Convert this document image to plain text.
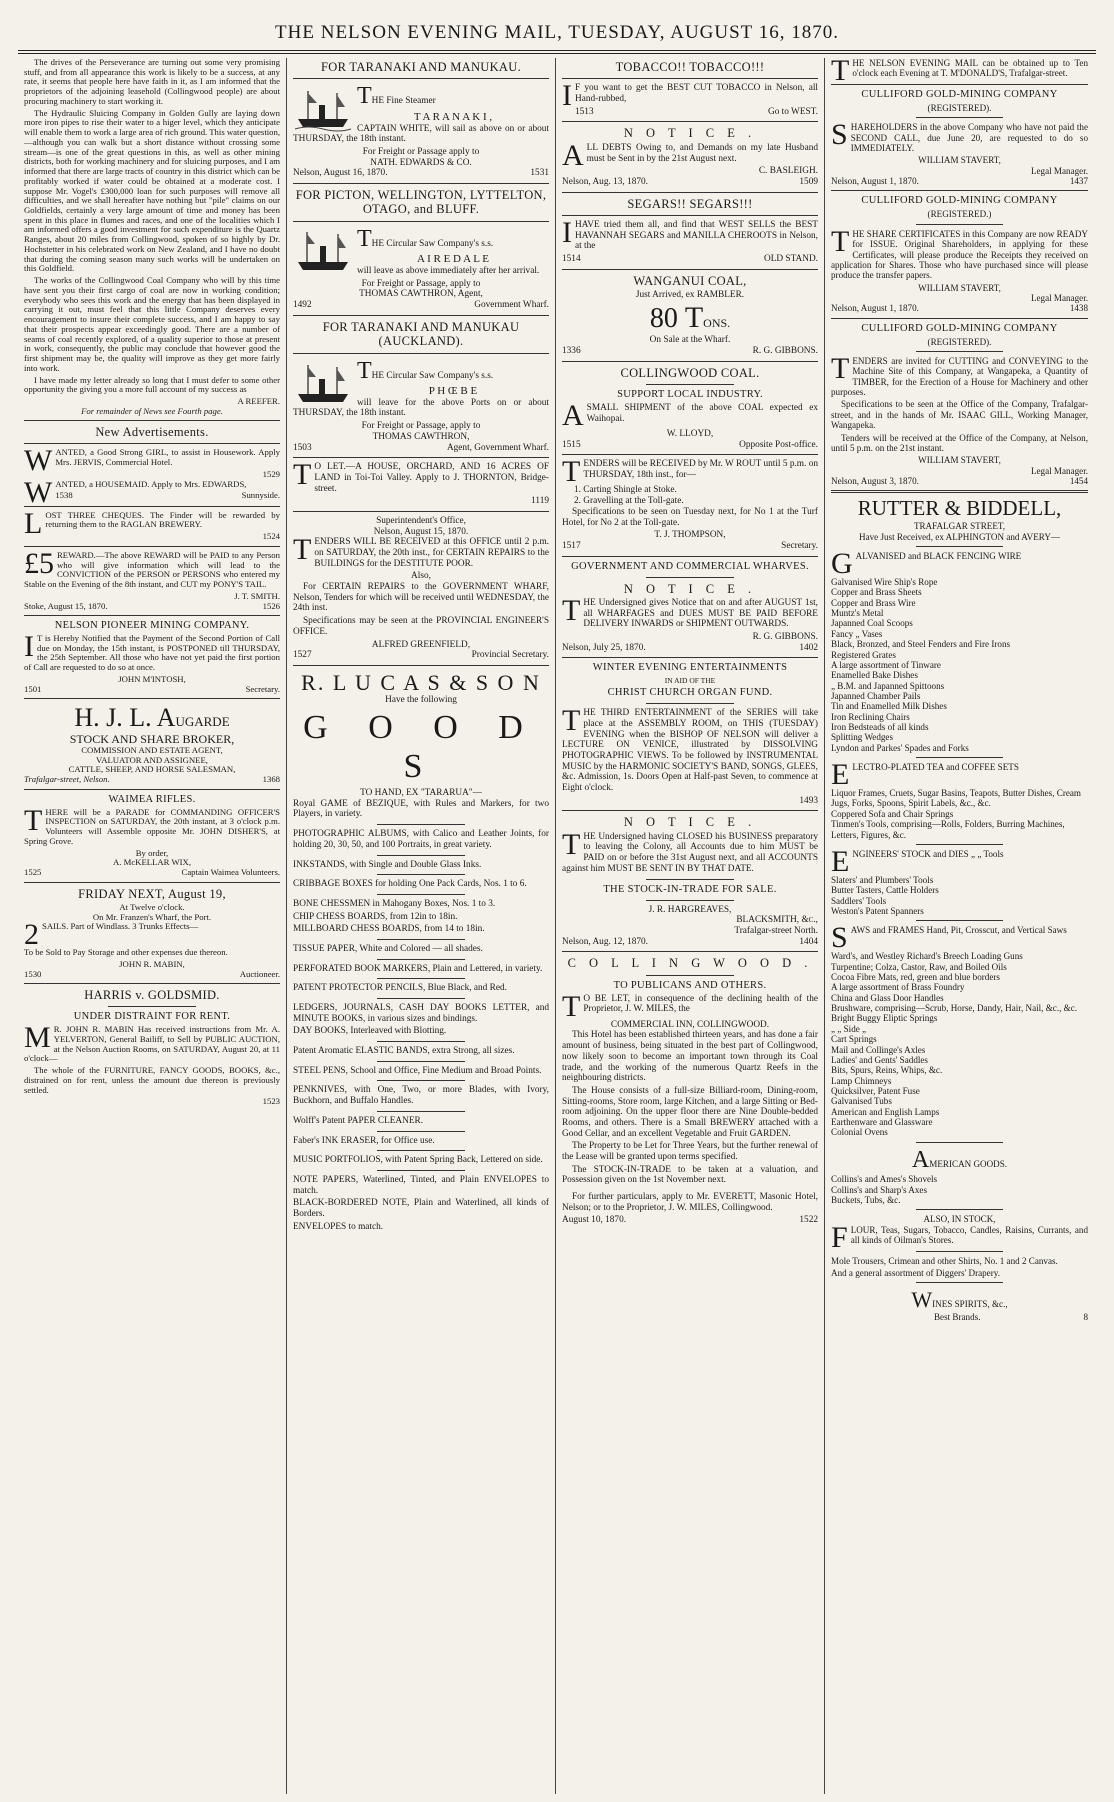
THE NELSON EVENING MAIL, TUESDAY, AUGUST 16, 1870.

The drives of the Perseverance are turning out some very promising stuff, and from all appearance this work is likely to be a success, at any rate, it seems that people here have faith in it, as I am informed that the proprietors of the adjoining leasehold (Collingwood people) are about procuring machinery to start working it.

The Hydraulic Sluicing Company in Golden Gully are laying down more iron pipes to rise their water to a higer level, which they anticipate will enable them to work a large area of rich ground. This water question,—although you can walk but a short distance without crossing some stream—is one of the great questions in this, as well as other mining districts, both for working machinery and for sluicing purposes, and I am informed that there are large tracts of country in this district which can be profitably worked if water could be obtained at a moderate cost. I suppose Mr. Vogel's £300,000 loan for such purposes will remove all difficulties, and we shall hereafter have nothing but "pile" claims on our Goldfields, certainly a very large amount of time and money has been spent in this place in flumes and races, and one of the localities which I am informed offers a good investment for such expenditure is the Quartz Ranges, about 20 miles from Collingwood, spoken of so highly by Dr. Hochstetter in his celebrated work on New Zealand, and I have no doubt that during the coming season many such works will be undertaken on this Goldfield.

The works of the Collingwood Coal Company who will by this time have sent you their first cargo of coal are now in working condition; everybody who sees this work and the energy that has been displayed in carrying it out, must feel that this little Company deserves every encouragement to insure their complete success, and I am happy to say that their prospects appear exceedingly good. There are a number of seams of coal recently explored, of a quality superior to those at present in work, consequently, the public may conclude that however good the first shipment may be, the quality will improve as they get more fairly into work.

I have made my letter already so long that I must defer to some other opportunity the giving you a more full account of my success as

A REEFER.
For remainder of News see Fourth page.
New Advertisements.
W ANTED, a Good Strong GIRL, to assist in Housework. Apply Mrs. JERVIS, Commercial Hotel.

1529
W ANTED, a HOUSEMAID. Apply to Mrs. EDWARDS,

1538	Sunnyside.
L OST THREE CHEQUES. The Finder will be rewarded by returning them to the RAGLAN BREWERY.

1524
£5 REWARD.—The above REWARD will be PAID to any Person who will give information which will lead to the CONVICTION of the PERSON or PERSONS who entered my Stable on the Evening of the 8th instant, and CUT my PONY'S TAIL.

J. T. SMITH.
Stoke, August 15, 1870.	1526
NELSON PIONEER MINING COMPANY.
I T is Hereby Notified that the Payment of the Second Portion of Call due on Monday, the 15th instant, is POSTPONED till THURSDAY, the 25th September. All those who have not yet paid the first portion of Call are requested to do so at once.

JOHN M'INTOSH,
1501	Secretary.
H. J. L. AUGARDE
STOCK AND SHARE BROKER,
COMMISSION AND ESTATE AGENT,
VALUATOR AND ASSIGNEE,
CATTLE, SHEEP, AND HORSE SALESMAN,
Trafalgar-street, Nelson.	1368
WAIMEA RIFLES.
T HERE will be a PARADE for COMMANDING OFFICER'S INSPECTION on SATURDAY, the 20th instant, at 3 o'clock p.m. Volunteers will Assemble opposite Mr. JOHN DISHER'S, at Spring Grove.

By order,
A. McKELLAR WIX,
1525	Captain Waimea Volunteers.
FRIDAY NEXT, August 19,
At Twelve o'clock.
On Mr. Franzen's Wharf, the Port.
2 SAILS. Part of Windlass. 3 Trunks Effects—

To be Sold to Pay Storage and other expenses due thereon.

JOHN R. MABIN,
1530	Auctioneer.
HARRIS v. GOLDSMID.
UNDER DISTRAINT FOR RENT.
M R. JOHN R. MABIN Has received instructions from Mr. A. YELVERTON, General Bailiff, to Sell by PUBLIC AUCTION, at the Nelson Auction Rooms, on SATURDAY, August 20, at 11 o'clock—

The whole of the FURNITURE, FANCY GOODS, BOOKS, &c., distrained on for rent, unless the amount due thereon is previously settled.

1523
FOR TARANAKI AND MANUKAU.
THE Fine Steamer
T A R A N A K I ,

CAPTAIN WHITE, will sail as above on or about THURSDAY, the 18th instant.

For Freight or Passage apply to
NATH. EDWARDS & CO.
Nelson, August 16, 1870.	1531
FOR PICTON, WELLINGTON, LYTTELTON, OTAGO, and BLUFF.
THE Circular Saw Company's s.s.
A I R E D A L E

will leave as above immediately after her arrival.

For Freight or Passage, apply to
THOMAS CAWTHRON, Agent,
1492	Government Wharf.
FOR TARANAKI AND MANUKAU (AUCKLAND).
THE Circular Saw Company's s.s.
P H Œ B E

will leave for the above Ports on or about THURSDAY, the 18th instant.

For Freight or Passage, apply to
THOMAS CAWTHRON,
1503	Agent, Government Wharf.
T O LET.—A HOUSE, ORCHARD, AND 16 ACRES OF LAND in Toi-Toi Valley. Apply to J. THORNTON, Bridge-street.

1119
Superintendent's Office,
Nelson, August 15, 1870.
T ENDERS WILL BE RECEIVED at this OFFICE until 2 p.m. on SATURDAY, the 20th inst., for CERTAIN REPAIRS to the BUILDINGS for the DESTITUTE POOR.

Also,

For CERTAIN REPAIRS to the GOVERNMENT WHARF, Nelson, Tenders for which will be received until WEDNESDAY, the 24th inst.

Specifications may be seen at the PROVINCIAL ENGINEER'S OFFICE.

ALFRED GREENFIELD,
1527	Provincial Secretary.
R. L U C A S & S O N
Have the following
G O O D S
TO HAND, EX "TARARUA"—

Royal GAME of BEZIQUE, with Rules and Markers, for two Players, in variety.

PHOTOGRAPHIC ALBUMS, with Calico and Leather Joints, for holding 20, 30, 50, and 100 Portraits, in great variety.

INKSTANDS, with Single and Double Glass Inks.

CRIBBAGE BOXES for holding One Pack Cards, Nos. 1 to 6.

BONE CHESSMEN in Mahogany Boxes, Nos. 1 to 3.

CHIP CHESS BOARDS, from 12in to 18in.

MILLBOARD CHESS BOARDS, from 14 to 18in.

TISSUE PAPER, White and Colored — all shades.

PERFORATED BOOK MARKERS, Plain and Lettered, in variety.

PATENT PROTECTOR PENCILS, Blue Black, and Red.

LEDGERS, JOURNALS, CASH DAY BOOKS LETTER, and MINUTE BOOKS, in various sizes and bindings.

DAY BOOKS, Interleaved with Blotting.

Patent Aromatic ELASTIC BANDS, extra Strong, all sizes.

STEEL PENS, School and Office, Fine Medium and Broad Points.

PENKNIVES, with One, Two, or more Blades, with Ivory, Buckhorn, and Buffalo Handles.

Wolff's Patent PAPER CLEANER.

Faber's INK ERASER, for Office use.

MUSIC PORTFOLIOS, with Patent Spring Back, Lettered on side.

NOTE PAPERS, Waterlined, Tinted, and Plain ENVELOPES to match.

BLACK-BORDERED NOTE, Plain and Waterlined, all kinds of Borders.

ENVELOPES to match.

TOBACCO!! TOBACCO!!!
I F you want to get the BEST CUT TOBACCO in Nelson, all Hand-rubbed,

1513	Go to WEST.
N O T I C E .
A LL DEBTS Owing to, and Demands on my late Husband must be Sent in by the 21st August next.

C. BASLEIGH.
Nelson, Aug. 13, 1870.	1509
SEGARS!! SEGARS!!!
I HAVE tried them all, and find that WEST SELLS the BEST HAVANNAH SEGARS and MANILLA CHEROOTS in Nelson, at the

1514	OLD STAND.
WANGANUI COAL,
Just Arrived, ex RAMBLER.
80 TONS.
On Sale at the Wharf.
1336	R. G. GIBBONS.
COLLINGWOOD COAL.
SUPPORT LOCAL INDUSTRY.
A SMALL SHIPMENT of the above COAL expected ex Waihopai.

W. LLOYD,
1515	Opposite Post-office.
T ENDERS will be RECEIVED by Mr. W ROUT until 5 p.m. on THURSDAY, 18th inst., for—

1. Carting Shingle at Stoke.
2. Gravelling at the Toll-gate.

Specifications to be seen on Tuesday next, for No 1 at the Turf Hotel, for No 2 at the Toll-gate.

T. J. THOMPSON,
1517	Secretary.
GOVERNMENT AND COMMERCIAL WHARVES.
N O T I C E .
T HE Undersigned gives Notice that on and after AUGUST 1st, all WHARFAGES and DUES MUST BE PAID BEFORE DELIVERY INWARDS or SHIPMENT OUTWARDS.

R. G. GIBBONS.
Nelson, July 25, 1870.	1402
WINTER EVENING ENTERTAINMENTS
IN AID OF THE
CHRIST CHURCH ORGAN FUND.
T HE THIRD ENTERTAINMENT of the SERIES will take place at the ASSEMBLY ROOM, on THIS (TUESDAY) EVENING when the BISHOP OF NELSON will deliver a LECTURE ON VENICE, illustrated by DISSOLVING PHOTOGRAPHIC VIEWS. To be followed by INSTRUMENTAL MUSIC by the HARMONIC SOCIETY'S BAND, SONGS, GLEES, &c. Admission, 1s. Doors Open at Half-past Seven, to commence at Eight o'clock.

1493
N O T I C E .
T HE Undersigned having CLOSED his BUSINESS preparatory to leaving the Colony, all Accounts due to him MUST be PAID on or before the 31st August next, and all ACCOUNTS against him MUST BE SENT IN BY THAT DATE.

THE STOCK-IN-TRADE FOR SALE.
J. R. HARGREAVES,
BLACKSMITH, &c.,
Trafalgar-street North.
Nelson, Aug. 12, 1870.	1404
C O L L I N G W O O D .
TO PUBLICANS AND OTHERS.
T O BE LET, in consequence of the declining health of the Proprietor, J. W. MILES, the

COMMERCIAL INN, COLLINGWOOD.

This Hotel has been established thirteen years, and has done a fair amount of business, being situated in the best part of Collingwood, now likely soon to become an important town through its Coal trade, and the working of the numerous Quartz Reefs in the neighbouring districts.

The House consists of a full-size Billiard-room, Dining-room, Sitting-rooms, Store room, large Kitchen, and a large Sitting or Bed-room adjoining. On the upper floor there are Nine Double-bedded Rooms, and others. There is a Small BREWERY attached with a Good Cellar, and an excellent Vegetable and Fruit GARDEN.

The Property to be Let for Three Years, but the further renewal of the Lease will be granted upon terms specified.

The STOCK-IN-TRADE to be taken at a valuation, and Possession given on the 1st November next.

For further particulars, apply to Mr. EVERETT, Masonic Hotel, Nelson; or to the Proprietor, J. W. MILES, Collingwood.

August 10, 1870.	1522
T HE NELSON EVENING MAIL can be obtained up to Ten o'clock each Evening at T. M'DONALD'S, Trafalgar-street.

CULLIFORD GOLD-MINING COMPANY
(REGISTERED).
S HAREHOLDERS in the above Company who have not paid the SECOND CALL, due June 20, are requested to do so IMMEDIATELY.

WILLIAM STAVERT,
Legal Manager.
Nelson, August 1, 1870.	1437
CULLIFORD GOLD-MINING COMPANY
(REGISTERED.)
T HE SHARE CERTIFICATES in this Company are now READY for ISSUE. Original Shareholders, in applying for these Certificates, will please produce the Receipts they received on application for Shares. Those who have purchased since will please produce the transfer papers.

WILLIAM STAVERT,
Legal Manager.
Nelson, August 1, 1870.	1438
CULLIFORD GOLD-MINING COMPANY
(REGISTERED).
T ENDERS are invited for CUTTING and CONVEYING to the Machine Site of this Company, at Wangapeka, a Quantity of TIMBER, for the Erection of a House for Machinery and other purposes.

Specifications to be seen at the Office of the Company, Trafalgar-street, and in the hands of Mr. ISAAC GILL, Working Manager, Wangapeka.

Tenders will be received at the Office of the Company, at Nelson, until 5 p.m. on the 21st instant.

WILLIAM STAVERT,
Legal Manager.
Nelson, August 3, 1870.	1454
RUTTER & BIDDELL,
TRAFALGAR STREET,
Have Just Received, ex ALPHINGTON and AVERY—
G ALVANISED and BLACK FENCING WIRE

Galvanised Wire Ship's Rope
Copper and Brass Sheets
Copper and Brass Wire
Muntz's Metal
Japanned Coal Scoops
Fancy „ Vases
Black, Bronzed, and Steel Fenders and Fire Irons
Registered Grates
A large assortment of Tinware
Enamelled Bake Dishes
„ B.M. and Japanned Spittoons
Japanned Chamber Pails
Tin and Enamelled Milk Dishes
Iron Reclining Chairs
Iron Bedsteads of all kinds
Splitting Wedges
Lyndon and Parkes' Spades and Forks
E LECTRO-PLATED TEA and COFFEE SETS

Liquor Frames, Cruets, Sugar Basins, Teapots, Butter Dishes, Cream Jugs, Forks, Spoons, Spirit Labels, &c., &c.
Coppered Sofa and Chair Springs
Tinmen's Tools, comprising—Rolls, Folders, Burring Machines, Letters, Figures, &c.
E NGINEERS' STOCK and DIES „ „ Tools

Slaters' and Plumbers' Tools
Butter Tasters, Cattle Holders
Saddlers' Tools
Weston's Patent Spanners
S AWS and FRAMES Hand, Pit, Crosscut, and Vertical Saws

Ward's, and Westley Richard's Breech Loading Guns
Turpentine; Colza, Castor, Raw, and Boiled Oils
Cocoa Fibre Mats, red, green and blue borders
A large assortment of Brass Foundry
China and Glass Door Handles
Brushware, comprising—Scrub, Horse, Dandy, Hair, Nail, &c., &c.
Bright Buggy Eliptic Springs
„ „ Side „
Cart Springs
Mail and Collinge's Axles
Ladies' and Gents' Saddles
Bits, Spurs, Reins, Whips, &c.
Lamp Chimneys
Quicksilver, Patent Fuse
Galvanised Tubs
American and English Lamps
Earthenware and Glassware
Colonial Ovens
AMERICAN GOODS.
Collins's and Ames's Shovels
Collins's and Sharp's Axes
Buckets, Tubs, &c.
ALSO, IN STOCK,
F LOUR, Teas, Sugars, Tobacco, Candles, Raisins, Currants, and all kinds of Oilman's Stores.

Mole Trousers, Crimean and other Shirts, No. 1 and 2 Canvas.

And a general assortment of Diggers' Drapery.

WINES SPIRITS, &c.,
Best Brands.	8
